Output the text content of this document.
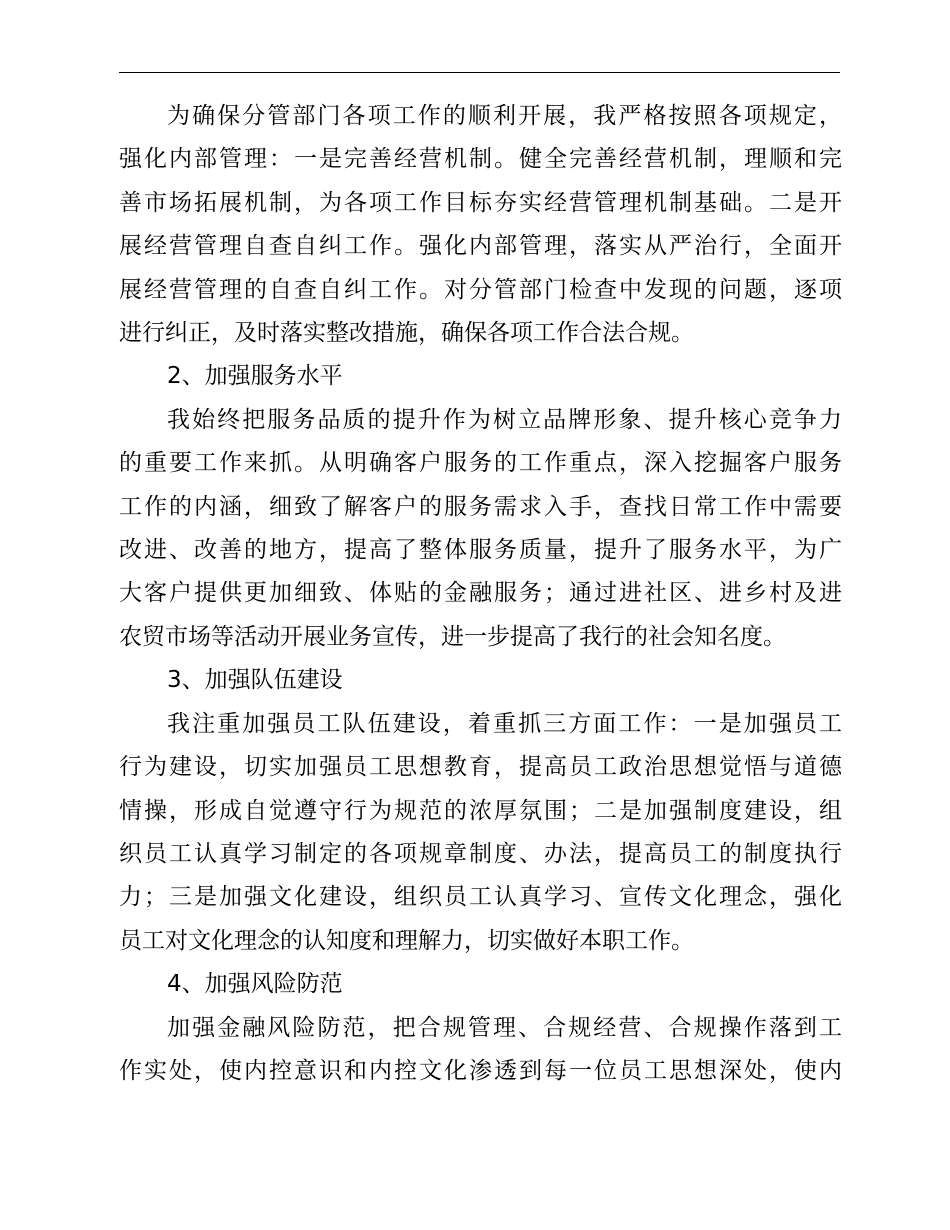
为确保分管部门各项工作的顺利开展，我严格按照各项规定，
强化内部管理：一是完善经营机制。健全完善经营机制，理顺和完
善市场拓展机制，为各项工作目标夯实经营管理机制基础。二是开
展经营管理自查自纠工作。强化内部管理，落实从严治行，全面开
展经营管理的自查自纠工作。对分管部门检查中发现的问题，逐项
进行纠正，及时落实整改措施，确保各项工作合法合规。
2、加强服务水平
我始终把服务品质的提升作为树立品牌形象、提升核心竞争力
的重要工作来抓。从明确客户服务的工作重点，深入挖掘客户服务
工作的内涵，细致了解客户的服务需求入手，查找日常工作中需要
改进、改善的地方，提高了整体服务质量，提升了服务水平，为广
大客户提供更加细致、体贴的金融服务；通过进社区、进乡村及进
农贸市场等活动开展业务宣传，进一步提高了我行的社会知名度。
3、加强队伍建设
我注重加强员工队伍建设，着重抓三方面工作：一是加强员工
行为建设，切实加强员工思想教育，提高员工政治思想觉悟与道德
情操，形成自觉遵守行为规范的浓厚氛围；二是加强制度建设，组
织员工认真学习制定的各项规章制度、办法，提高员工的制度执行
力；三是加强文化建设，组织员工认真学习、宣传文化理念，强化
员工对文化理念的认知度和理解力，切实做好本职工作。
4、加强风险防范
加强金融风险防范，把合规管理、合规经营、合规操作落到工
作实处，使内控意识和内控文化渗透到每一位员工思想深处，使内
